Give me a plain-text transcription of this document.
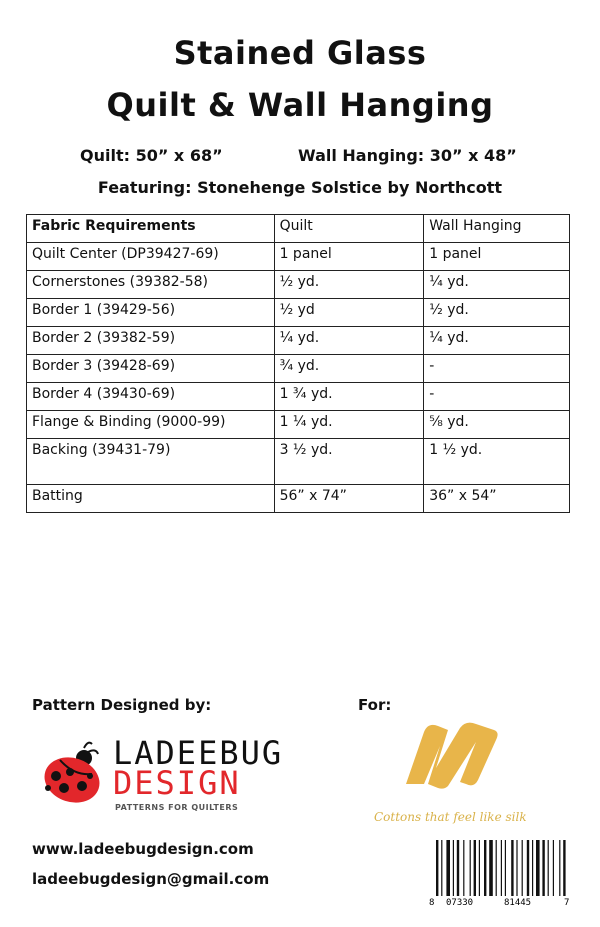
Stained Glass
Quilt & Wall Hanging
Quilt: 50” x 68”	Wall Hanging: 30” x 48”
Featuring: Stonehenge Solstice by Northcott
Fabric Requirements	Quilt	Wall Hanging
Quilt Center (DP39427-69)	1 panel	1 panel
Cornerstones (39382-58)	½ yd.	¼ yd.
Border 1 (39429-56)	½ yd	½ yd.
Border 2 (39382-59)	¼ yd.	¼ yd.
Border 3 (39428-69)	¾ yd.	-
Border 4 (39430-69)	1 ¾ yd.	-
Flange & Binding (9000-99)	1 ¼ yd.	⅝ yd.
Backing (39431-79)	3 ½ yd.	1 ½ yd.
Batting	56” x 74”	36” x 54”
Pattern Designed by:	For:
LADEEBUG
DESIGN
PATTERNS FOR QUILTERS
Cottons that feel like silk
www.ladeebugdesign.com
ladeebugdesign@gmail.com
8 07330	81445	7
